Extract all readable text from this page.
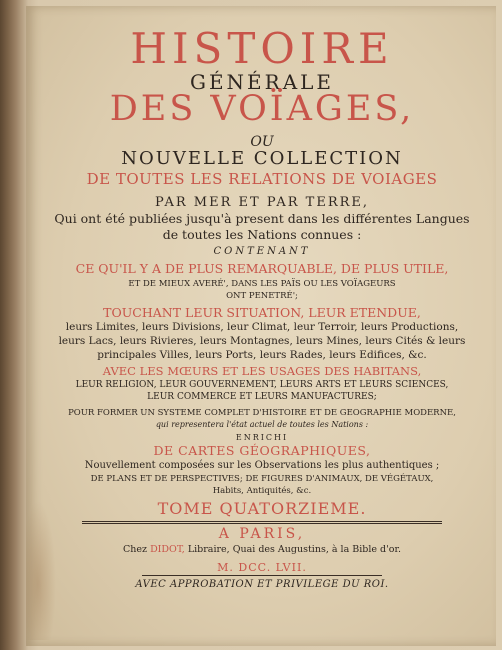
HISTOIRE
GÉNÉRALE
DES VOÏAGES,
OU
NOUVELLE COLLECTION
DE TOUTES LES RELATIONS DE VOIAGES
PAR MER ET PAR TERRE,
Qui ont été publiées jusqu'à present dans les différentes Langues
de toutes les Nations connues :
CONTENANT
CE QU'IL Y A DE PLUS REMARQUABLE, DE PLUS UTILE,
ET DE MIEUX AVERÉ', DANS LES PAÏS OU LES VOÏAGEURS
ONT PENETRÉ';
TOUCHANT LEUR SITUATION, LEUR ETENDUE,
leurs Limites, leurs Divisions, leur Climat, leur Terroir, leurs Productions,
leurs Lacs, leurs Rivieres, leurs Montagnes, leurs Mines, leurs Cités & leurs
principales Villes, leurs Ports, leurs Rades, leurs Edifices, &c.
AVEC LES MŒURS ET LES USAGES DES HABITANS,
LEUR RELIGION, LEUR GOUVERNEMENT, LEURS ARTS ET LEURS SCIENCES,
LEUR COMMERCE ET LEURS MANUFACTURES;
POUR FORMER UN SYSTEME COMPLET D'HISTOIRE ET DE GEOGRAPHIE MODERNE,
qui representera l'état actuel de toutes les Nations :
ENRICHI
DE CARTES GÉOGRAPHIQUES,
Nouvellement composées sur les Observations les plus authentiques ;
DE PLANS ET DE PERSPECTIVES; DE FIGURES D'ANIMAUX, DE VÉGÉTAUX,
Habits, Antiquités, &c.
TOME QUATORZIEME.
A PARIS,
Chez DIDOT, Libraire, Quai des Augustins, à la Bible d'or.
M. DCC. LVII.
AVEC APPROBATION ET PRIVILEGE DU ROI.
